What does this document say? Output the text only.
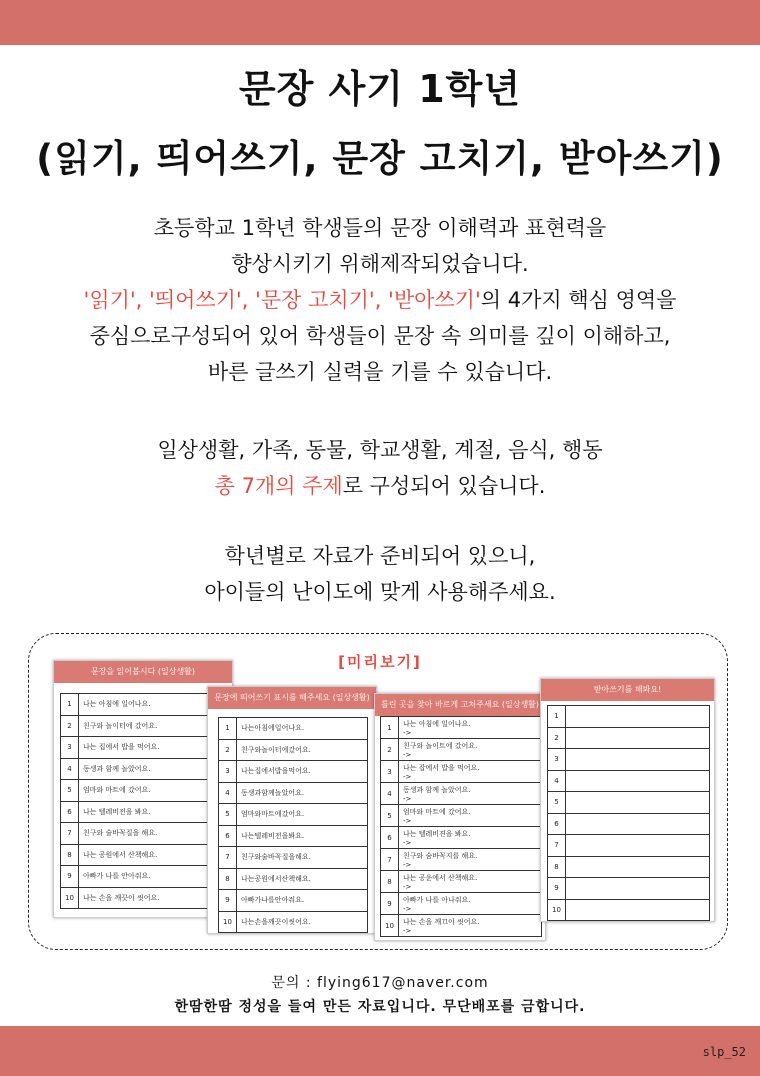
문장 사기 1학년
(읽기, 띄어쓰기, 문장 고치기, 받아쓰기)
초등학교 1학년 학생들의 문장 이해력과 표현력을
향상시키기 위해제작되었습니다.
'읽기', '띄어쓰기', '문장 고치기', '받아쓰기'의 4가지 핵심 영역을
중심으로구성되어 있어 학생들이 문장 속 의미를 깊이 이해하고,
바른 글쓰기 실력을 기를 수 있습니다.
일상생활, 가족, 동물, 학교생활, 계절, 음식, 행동
총 7개의 주제로 구성되어 있습니다.
학년별로 자료가 준비되어 있으니,
아이들의 난이도에 맞게 사용해주세요.
[미리보기]
문장을 읽어봅시다 (일상생활)
1	나는 아침에 일어나요.

2	친구와 놀이터에 갔어요.

3	나는 집에서 밥을 먹어요.

4	동생과 함께 놀았어요.

5	엄마와 마트에 갔어요.

6	나는 텔레비전을 봐요.

7	친구와 술바꼭질을 해요.

8	나는 공원에서 산책해요.

9	아빠가 나를 안아줘요.

10	나는 손을 깨끗이 씻어요.
문장에 띄어쓰기 표시를 해주세요 (일상생활)
1	나는아침에일어나요.

2	친구와놀이터에갔어요.

3	나는집에서밥을먹어요.

4	동생과함께놀았어요.

5	엄마와마트에갔어요.

6	나는텔레비전을봐요.

7	친구와술바꼭질을해요.

8	나는공원에서산책해요.

9	아빠가나를안아줘요.

10	나는손을깨끗이씻어요.
틀린 곳을 찾아 바르게 고쳐주세요 (일상생활)
1	나는 아침에 일어나요.
->

2	친구와 놀이트에 갔어요.
->

3	나는 잡에서 밥을 먹어요.
->

4	동생과 함께 놀았어요.
->

5	엄마와 마트에 갔어요.
->

6	나는 텔레비젼을 봐요.
->

7	친구와 숨바꼭지를 해요.
->

8	나는 공운에서 산책해요.
->

9	아빠가 나를 아나줘요.
->

10	나는 손을 깨끄이 씻어요.
->
받아쓰기를 해봐요!
1	
2	
3	
4	
5	
6	
7	
8	
9	
10	
문의 : flying617@naver.com
한땀한땀 정성을 들여 만든 자료입니다. 무단배포를 금합니다.
slp_52
